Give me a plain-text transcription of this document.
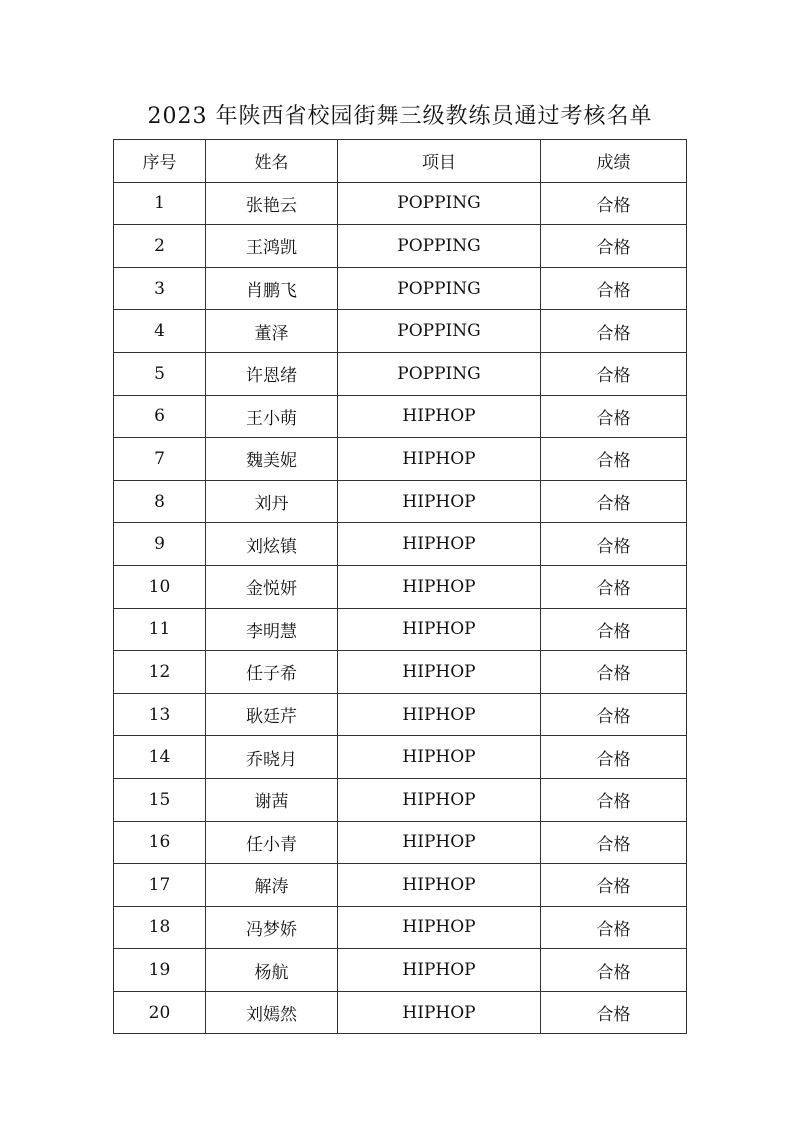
2023 年陕西省校园街舞三级教练员通过考核名单
序号	姓名	项目	成绩
1	张艳云	POPPING	合格
2	王鸿凯	POPPING	合格
3	肖鹏飞	POPPING	合格
4	董泽	POPPING	合格
5	许恩绪	POPPING	合格
6	王小萌	HIPHOP	合格
7	魏美妮	HIPHOP	合格
8	刘丹	HIPHOP	合格
9	刘炫镇	HIPHOP	合格
10	金悦妍	HIPHOP	合格
11	李明慧	HIPHOP	合格
12	任子希	HIPHOP	合格
13	耿廷芹	HIPHOP	合格
14	乔晓月	HIPHOP	合格
15	谢茜	HIPHOP	合格
16	任小青	HIPHOP	合格
17	解涛	HIPHOP	合格
18	冯梦娇	HIPHOP	合格
19	杨航	HIPHOP	合格
20	刘嫣然	HIPHOP	合格
